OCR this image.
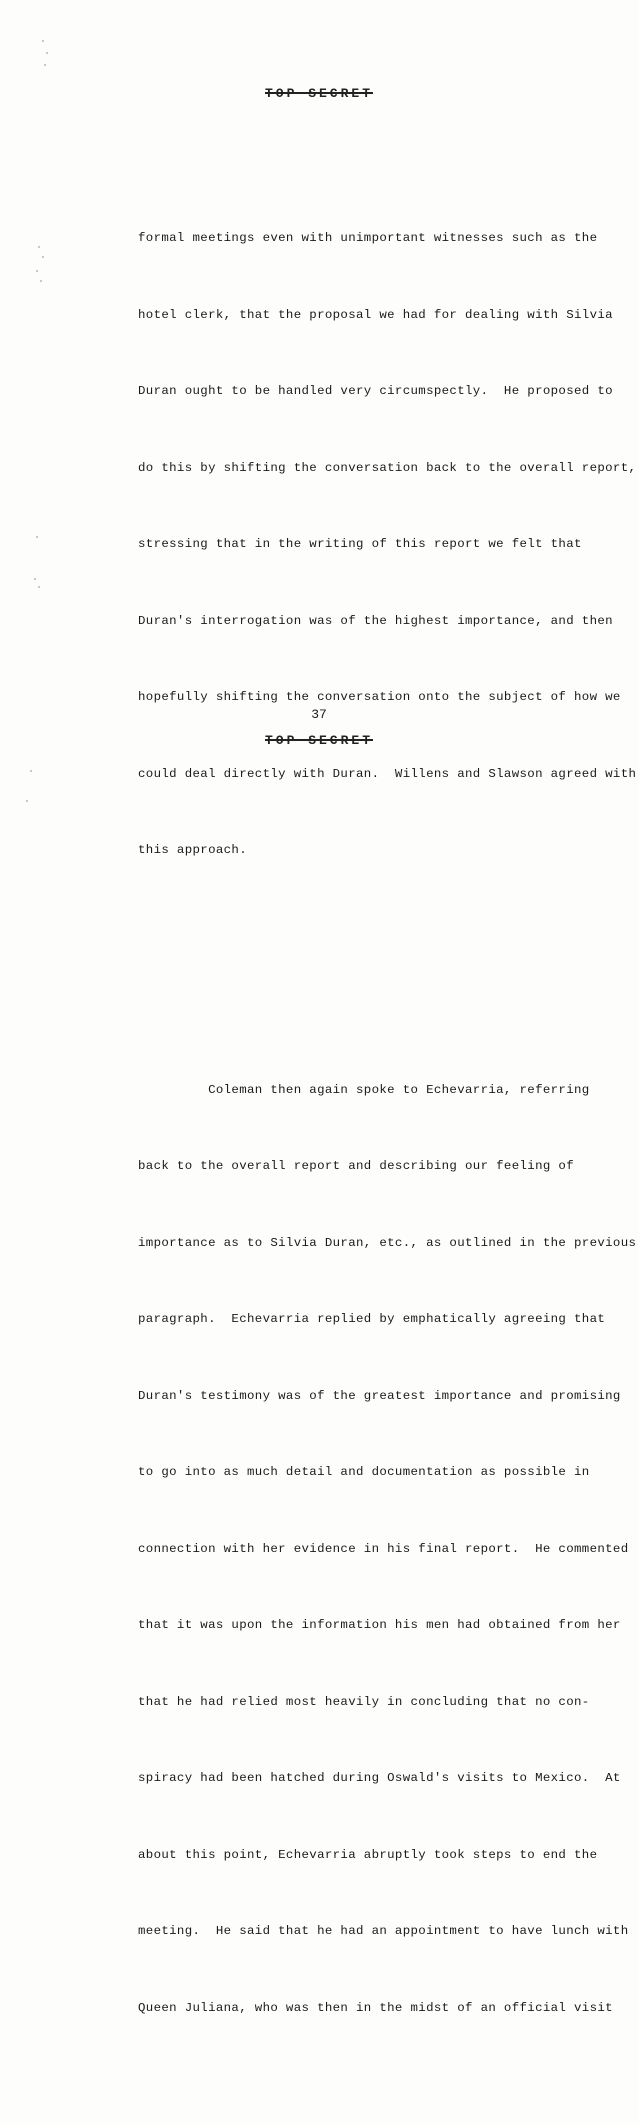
TOP SECRET

formal meetings even with unimportant witnesses such as the

hotel clerk, that the proposal we had for dealing with Silvia

Duran ought to be handled very circumspectly.  He proposed to

do this by shifting the conversation back to the overall report,

stressing that in the writing of this report we felt that

Duran's interrogation was of the highest importance, and then

hopefully shifting the conversation onto the subject of how we

could deal directly with Duran.  Willens and Slawson agreed with

this approach.

Coleman then again spoke to Echevarria, referring

back to the overall report and describing our feeling of

importance as to Silvia Duran, etc., as outlined in the previous

paragraph.  Echevarria replied by emphatically agreeing that

Duran's testimony was of the greatest importance and promising

to go into as much detail and documentation as possible in

connection with her evidence in his final report.  He commented

that it was upon the information his men had obtained from her

that he had relied most heavily in concluding that no con-

spiracy had been hatched during Oswald's visits to Mexico.  At

about this point, Echevarria abruptly took steps to end the

meeting.  He said that he had an appointment to have lunch with

Queen Juliana, who was then in the midst of an official visit

37
TOP SECRET
